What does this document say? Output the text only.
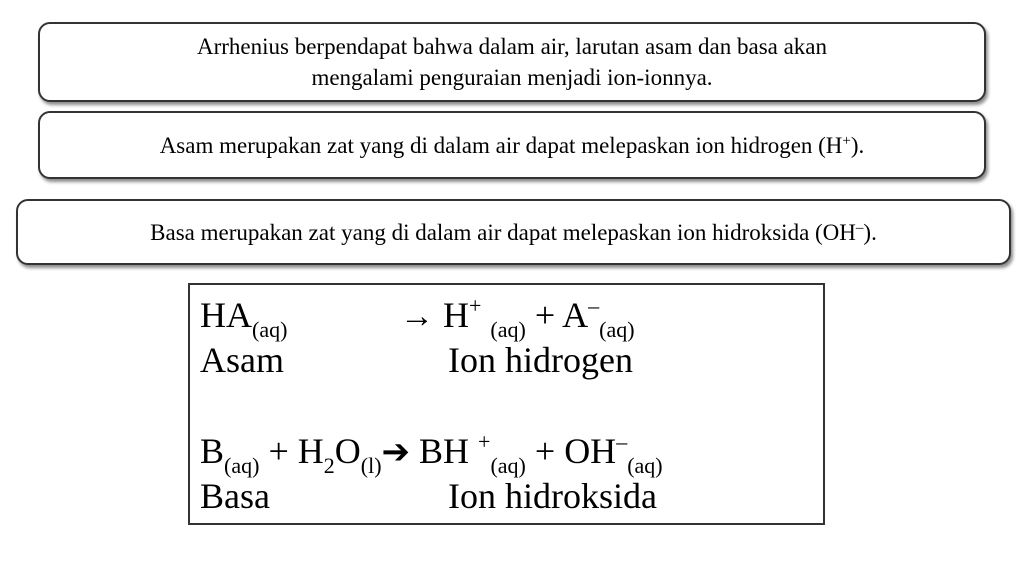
Arrhenius berpendapat bahwa dalam air, larutan asam dan basa akan
mengalami penguraian menjadi ion-ionnya.
Asam merupakan zat yang di dalam air dapat melepaskan ion hidrogen (H+).
Basa merupakan zat yang di dalam air dapat melepaskan ion hidroksida (OH–).
$HA_{(aq)}$	→ H+ $_{(aq)} + A^-_{(aq)}$
Asam	Ion hidrogen
$B_{(aq)}$ + $H_2O_{(l)}➔$ BH $^+_{(aq)} + OH^-_{(aq)}$
Basa	Ion hidroksida
